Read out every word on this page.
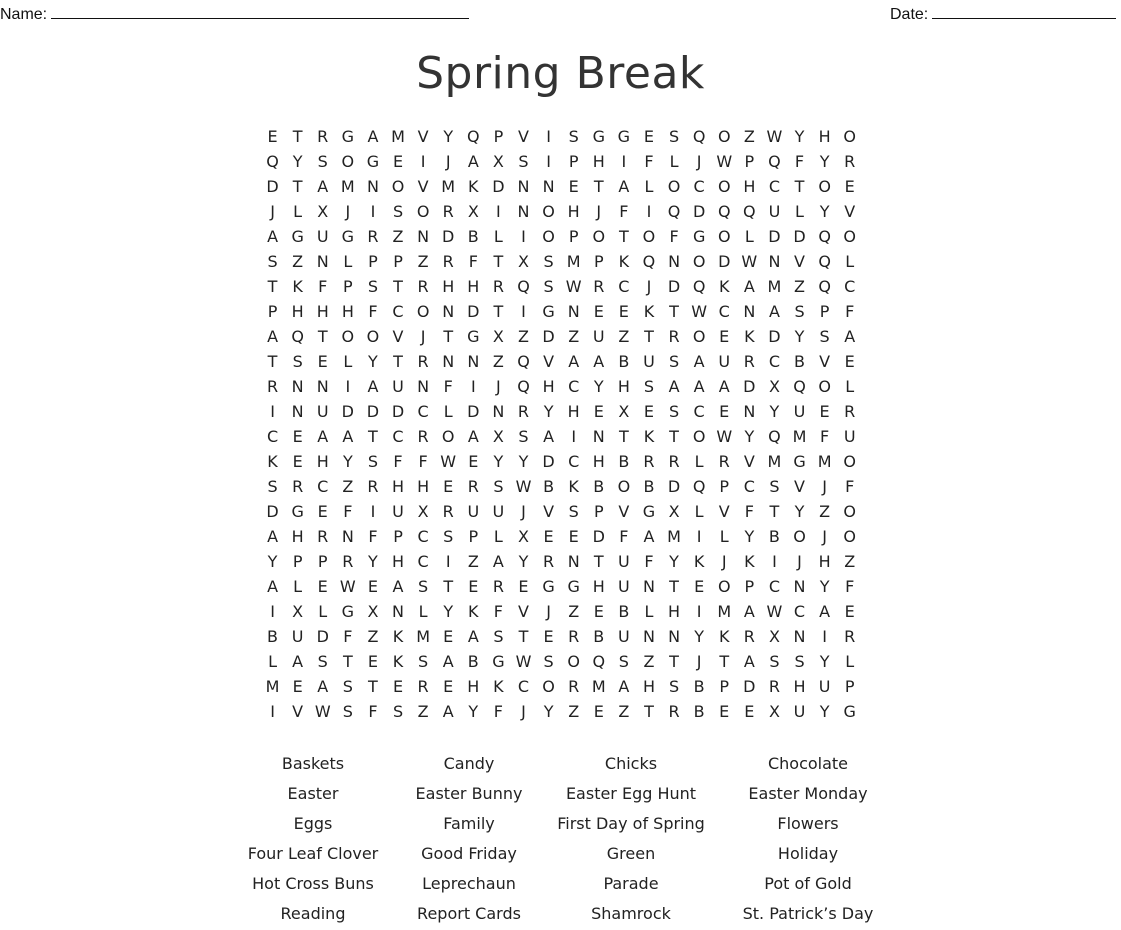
Name:	Date:
Spring Break
E T R G A M V Y Q P V	I	S G G E S Q O Z W Y H O
Q Y S O G E	I	J	A X S	I	P H	I	F	L	J W P Q F Y R
D T A M N O V M K D N N E T A L O C O H C T O E
J	L X	J	I	S O R X	I	N O H	J	F	I	Q D Q Q U L Y V
A G U G R Z N D B L	I	O P O T O F G O L D D Q O
S Z N L P P Z R F T X S M P K Q N O D W N V Q L
T K F P S T R H H R Q S W R C	J	D Q K A M Z Q C
P H H H F C O N D T	I	G N E E K T W C N A S P F
A Q T O O V	J	T G X Z D Z U Z T R O E K D Y S A
T S E L Y T R N N Z Q V A A B U S A U R C B V E
R N N	I	A U N F	I	J	Q H C Y H S A A A D X Q O L
I	N U D D D C L D N R Y H E X E S C E N Y U E R
C E A A T C R O A X S A	I	N T K T O W Y Q M F U
K E H Y S F F W E Y Y D C H B R R L R V M G M O
S R C Z R H H E R S W B K B O B D Q P C S V	J	F
D G E F	I	U X R U U	J	V S P V G X L V F T Y Z O
A H R N F P C S P L X E E D F A M I	L Y B O	J	O
Y P P R Y H C	I	Z A Y R N T U F Y K	J	K	I	J	H Z
A L E W E A S T E R E G G H U N T E O P C N Y F
I	X L G X N L Y K F V	J	Z E B L H	I M A W C A E
B U D F Z K M E A S T E R B U N N Y K R X N	I	R
L A S T E K S A B G W S O Q S Z T	J	T A S S Y L
M E A S T E R E H K C O R M A H S B P D R H U P
I	V W S F S Z A Y F	J	Y Z E Z T R B E E X U Y G
Baskets	Candy	Chicks	Chocolate
Easter	Easter Bunny	Easter Egg Hunt	Easter Monday
Eggs	Family	First Day of Spring	Flowers
Four Leaf Clover	Good Friday	Green	Holiday
Hot Cross Buns	Leprechaun	Parade	Pot of Gold
Reading	Report Cards	Shamrock	St. Patrick’s Day
